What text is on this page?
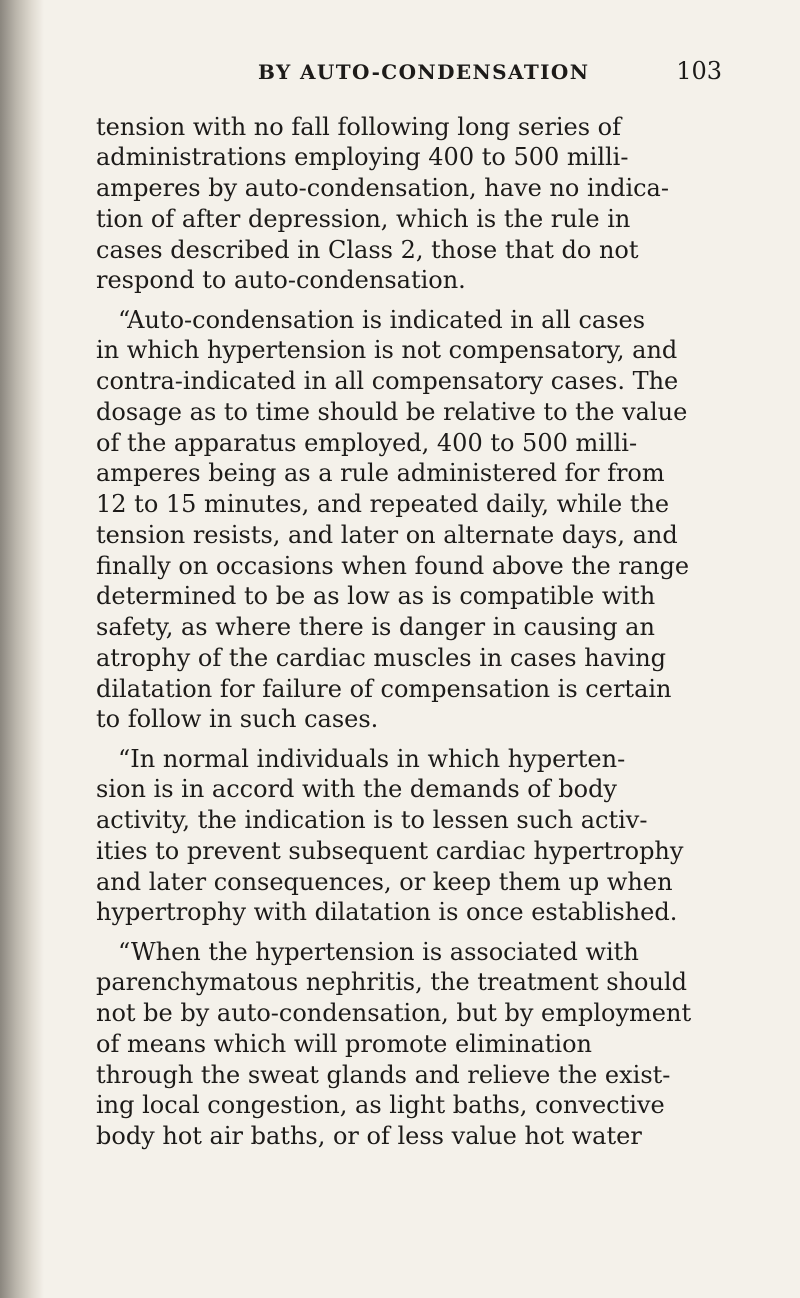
BY AUTO-CONDENSATION	103
tension with no fall following long series of
administrations employing 400 to 500 milli-
amperes by auto-condensation, have no indica-
tion of after depression, which is the rule in
cases described in Class 2, those that do not
respond to auto-condensation.
“Auto-condensation is indicated in all cases
in which hypertension is not compensatory, and
contra-indicated in all compensatory cases. The
dosage as to time should be relative to the value
of the apparatus employed, 400 to 500 milli-
amperes being as a rule administered for from
12 to 15 minutes, and repeated daily, while the
tension resists, and later on alternate days, and
finally on occasions when found above the range
determined to be as low as is compatible with
safety, as where there is danger in causing an
atrophy of the cardiac muscles in cases having
dilatation for failure of compensation is certain
to follow in such cases.
“In normal individuals in which hyperten-
sion is in accord with the demands of body
activity, the indication is to lessen such activ-
ities to prevent subsequent cardiac hypertrophy
and later consequences, or keep them up when
hypertrophy with dilatation is once established.
“When the hypertension is associated with
parenchymatous nephritis, the treatment should
not be by auto-condensation, but by employment
of means which will promote elimination
through the sweat glands and relieve the exist-
ing local congestion, as light baths, convective
body hot air baths, or of less value hot water
